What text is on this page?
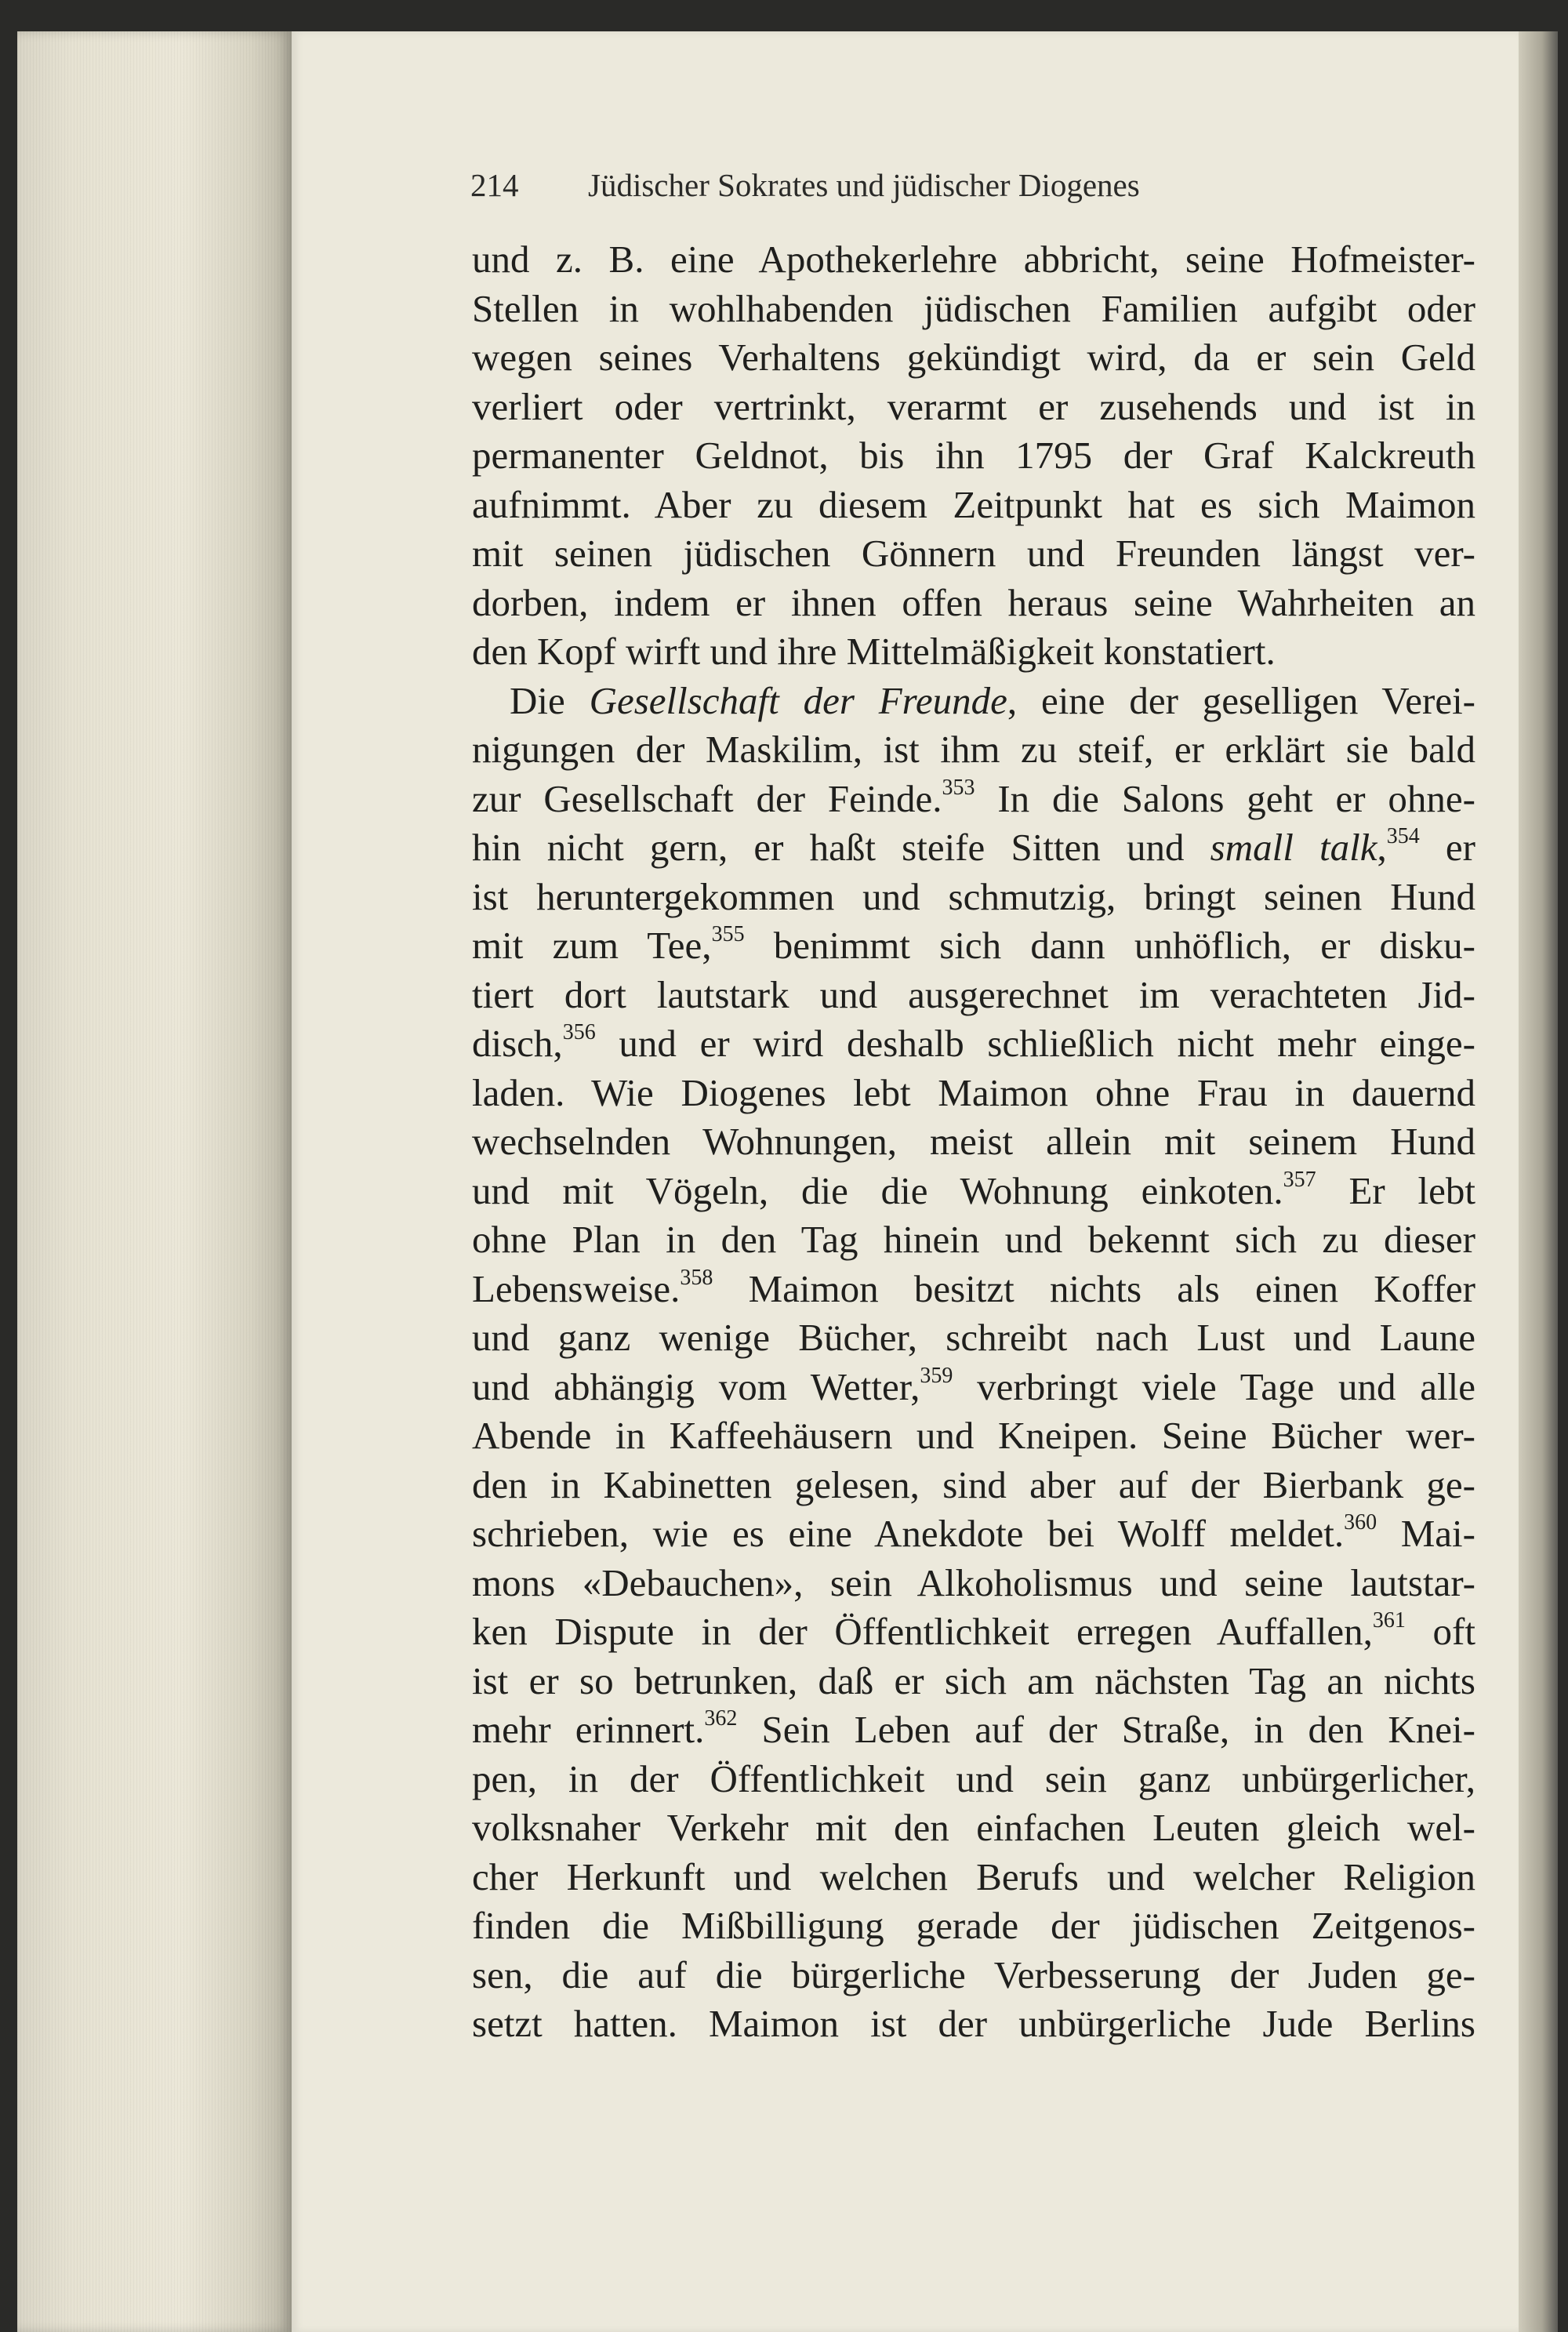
214 Jüdischer Sokrates und jüdischer Diogenes
und z. B. eine Apothekerlehre abbricht, seine Hofmeister-
Stellen in wohlhabenden jüdischen Familien aufgibt oder
wegen seines Verhaltens gekündigt wird, da er sein Geld
verliert oder vertrinkt, verarmt er zusehends und ist in
permanenter Geldnot, bis ihn 1795 der Graf Kalckreuth
aufnimmt. Aber zu diesem Zeitpunkt hat es sich Maimon
mit seinen jüdischen Gönnern und Freunden längst ver-
dorben, indem er ihnen offen heraus seine Wahrheiten an
den Kopf wirft und ihre Mittelmäßigkeit konstatiert.
Die Gesellschaft der Freunde, eine der geselligen Verei-
nigungen der Maskilim, ist ihm zu steif, er erklärt sie bald
zur Gesellschaft der Feinde.$^{353}$ In die Salons geht er ohne-
hin nicht gern, er haßt steife Sitten und small talk,$^{354}$ er
ist heruntergekommen und schmutzig, bringt seinen Hund
mit zum Tee,$^{355}$ benimmt sich dann unhöflich, er disku-
tiert dort lautstark und ausgerechnet im verachteten Jid-
disch,$^{356}$ und er wird deshalb schließlich nicht mehr einge-
laden. Wie Diogenes lebt Maimon ohne Frau in dauernd
wechselnden Wohnungen, meist allein mit seinem Hund
und mit Vögeln, die die Wohnung einkoten.$^{357}$ Er lebt
ohne Plan in den Tag hinein und bekennt sich zu dieser
Lebensweise.$^{358}$ Maimon besitzt nichts als einen Koffer
und ganz wenige Bücher, schreibt nach Lust und Laune
und abhängig vom Wetter,$^{359}$ verbringt viele Tage und alle
Abende in Kaffeehäusern und Kneipen. Seine Bücher wer-
den in Kabinetten gelesen, sind aber auf der Bierbank ge-
schrieben, wie es eine Anekdote bei Wolff meldet.$^{360}$ Mai-
mons «Debauchen», sein Alkoholismus und seine lautstar-
ken Dispute in der Öffentlichkeit erregen Auffallen,$^{361}$ oft
ist er so betrunken, daß er sich am nächsten Tag an nichts
mehr erinnert.$^{362}$ Sein Leben auf der Straße, in den Knei-
pen, in der Öffentlichkeit und sein ganz unbürgerlicher,
volksnaher Verkehr mit den einfachen Leuten gleich wel-
cher Herkunft und welchen Berufs und welcher Religion
finden die Mißbilligung gerade der jüdischen Zeitgenos-
sen, die auf die bürgerliche Verbesserung der Juden ge-
setzt hatten. Maimon ist der unbürgerliche Jude Berlins
